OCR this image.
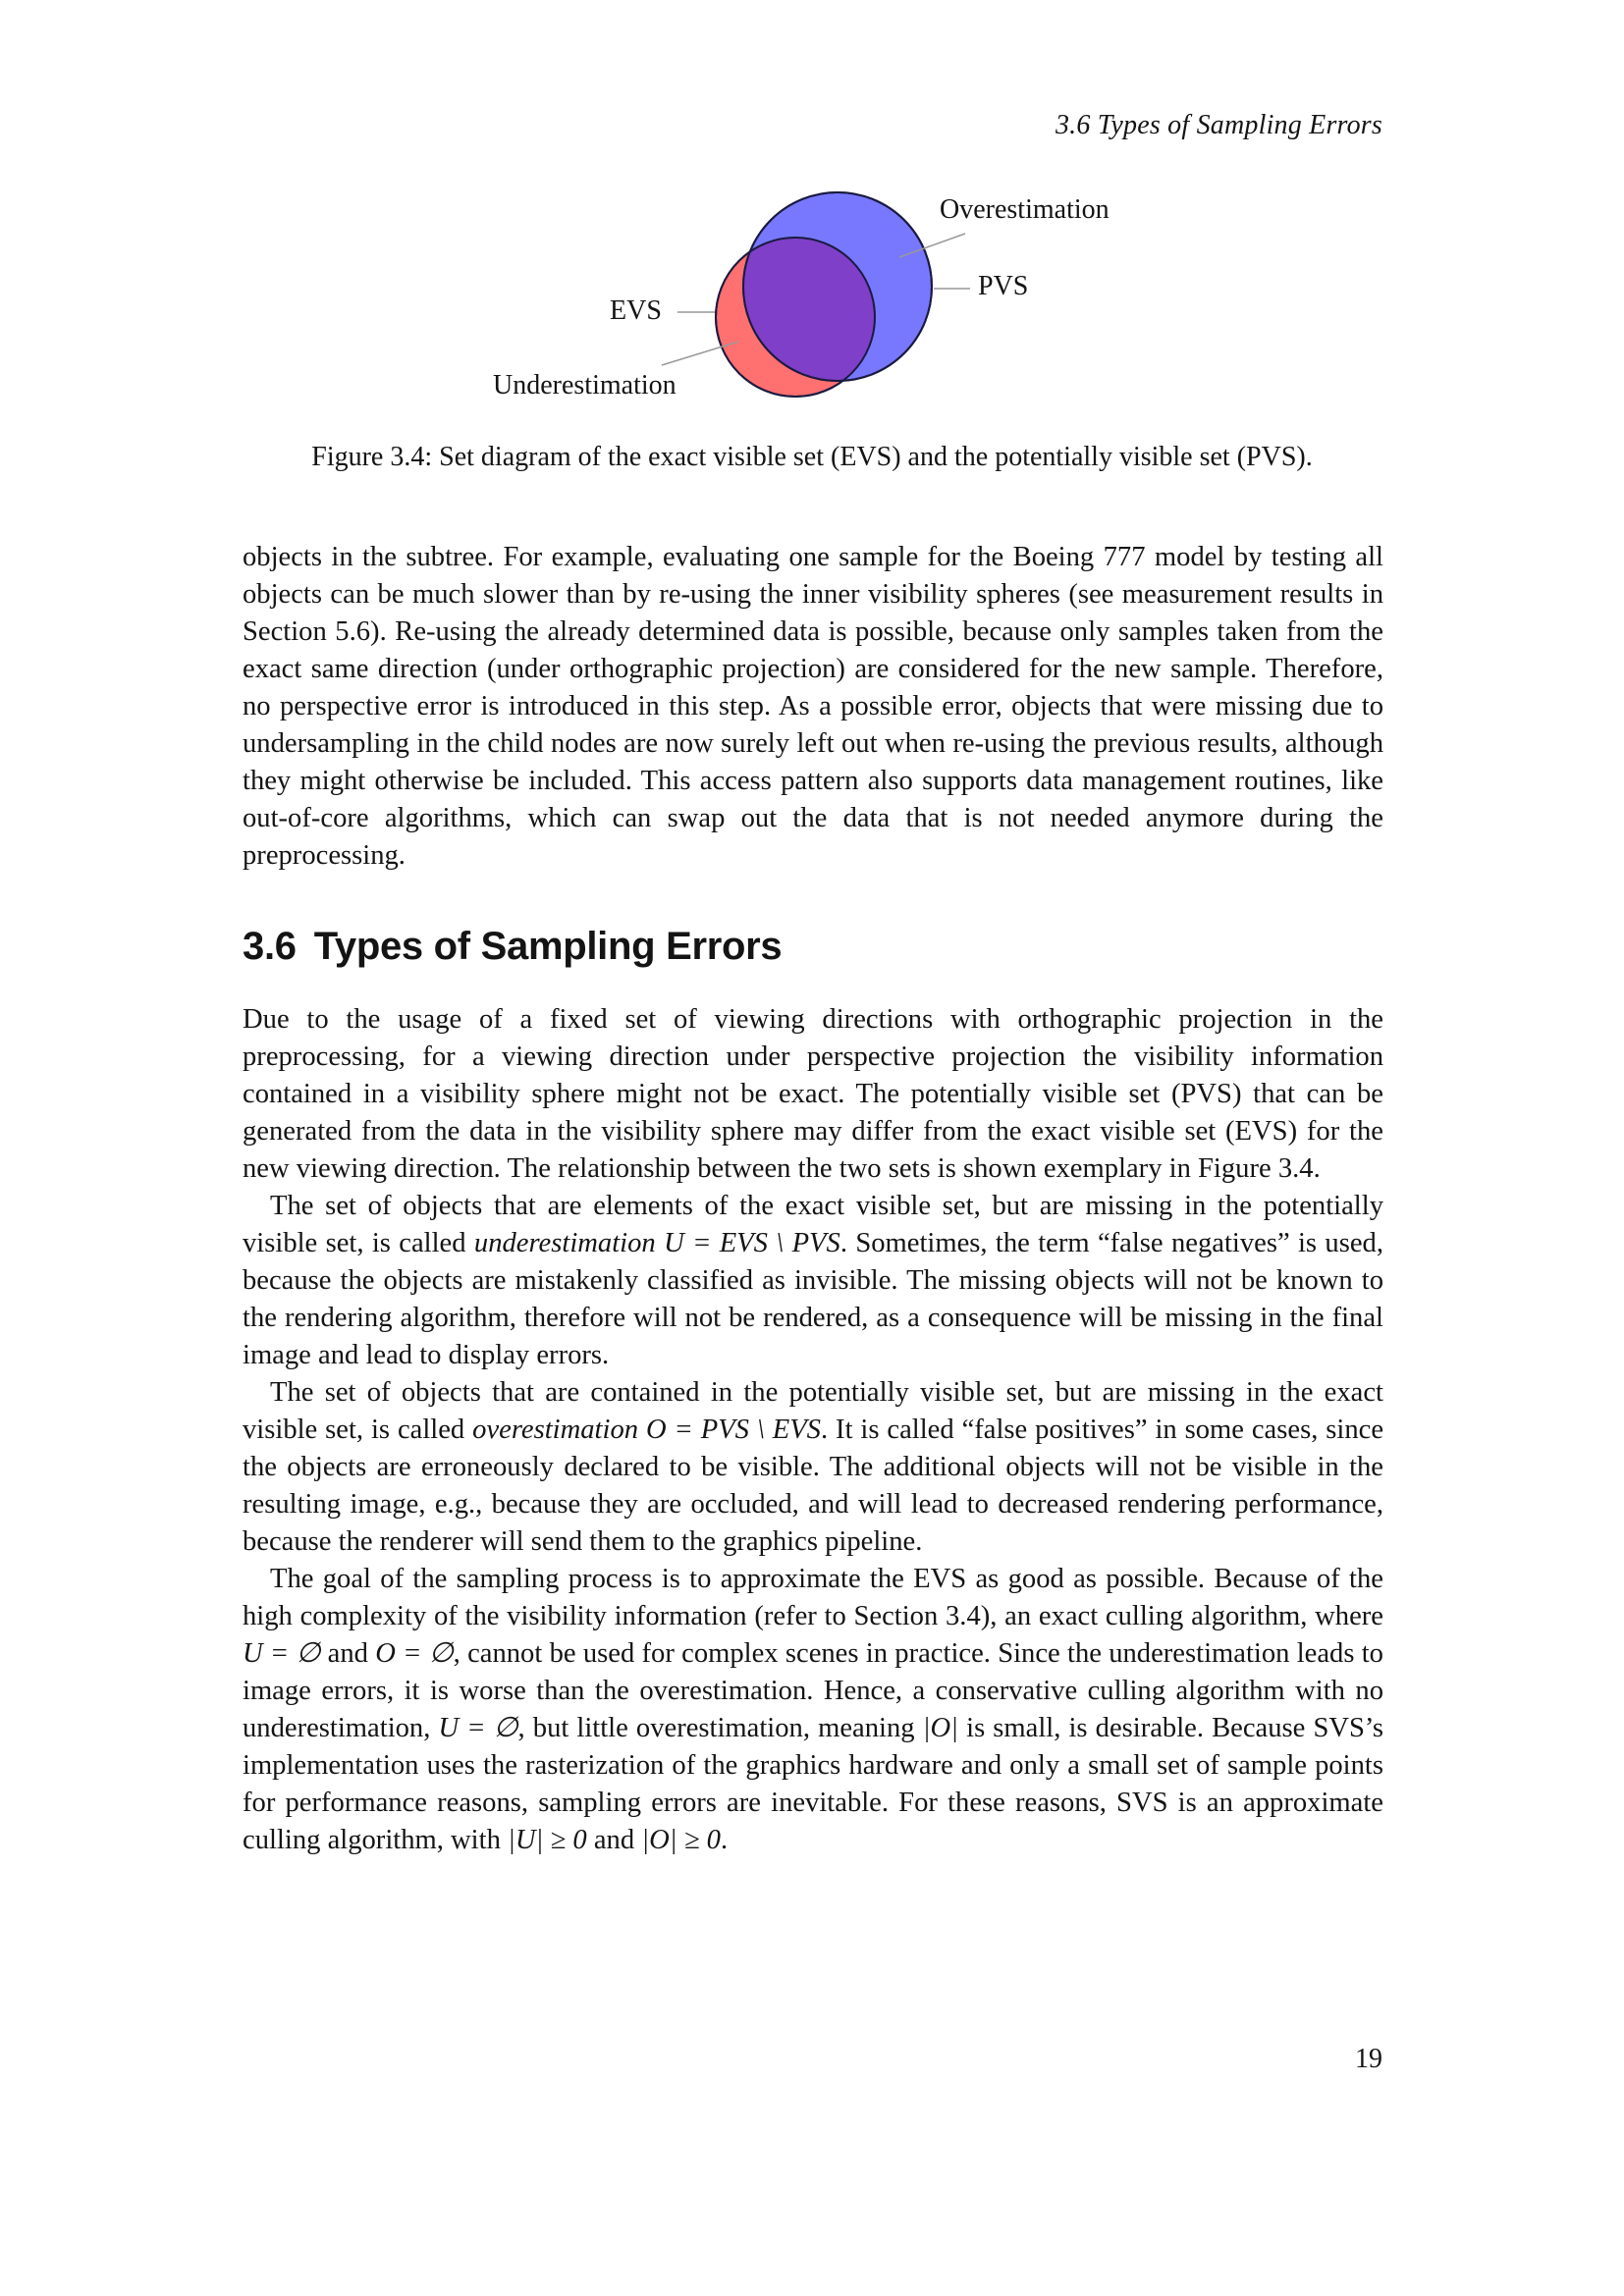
3.6 Types of Sampling Errors
Overestimation
PVS
EVS
Underestimation
Figure 3.4: Set diagram of the exact visible set (EVS) and the potentially visible set (PVS).

objects in the subtree. For example, evaluating one sample for the Boeing 777 model by testing all objects can be much slower than by re-using the inner visibility spheres (see measurement results in Section 5.6). Re-using the already determined data is possible, because only samples taken from the exact same direction (under orthographic projection) are considered for the new sample. Therefore, no perspective error is introduced in this step. As a possible error, objects that were missing due to undersampling in the child nodes are now surely left out when re-using the previous results, although they might otherwise be included. This access pattern also supports data management routines, like out-of-core algorithms, which can swap out the data that is not needed anymore during the preprocessing.

3.6 Types of Sampling Errors

Due to the usage of a fixed set of viewing directions with orthographic projection in the preprocessing, for a viewing direction under perspective projection the visibility information contained in a visibility sphere might not be exact. The potentially visible set (PVS) that can be generated from the data in the visibility sphere may differ from the exact visible set (EVS) for the new viewing direction. The relationship between the two sets is shown exemplary in Figure 3.4.

The set of objects that are elements of the exact visible set, but are missing in the potentially visible set, is called underestimation U = EVS \ PVS. Sometimes, the term “false negatives” is used, because the objects are mistakenly classified as invisible. The missing objects will not be known to the rendering algorithm, therefore will not be rendered, as a consequence will be missing in the final image and lead to display errors.

The set of objects that are contained in the potentially visible set, but are missing in the exact visible set, is called overestimation O = PVS \ EVS. It is called “false positives” in some cases, since the objects are erroneously declared to be visible. The additional objects will not be visible in the resulting image, e.g., because they are occluded, and will lead to decreased rendering performance, because the renderer will send them to the graphics pipeline.

The goal of the sampling process is to approximate the EVS as good as possible. Because of the high complexity of the visibility information (refer to Section 3.4), an exact culling algorithm, where U = ∅ and O = ∅, cannot be used for complex scenes in practice. Since the underestimation leads to image errors, it is worse than the overestimation. Hence, a conservative culling algorithm with no underestimation, U = ∅, but little overestimation, meaning |O| is small, is desirable. Because SVS’s implementation uses the rasterization of the graphics hardware and only a small set of sample points for performance reasons, sampling errors are inevitable. For these reasons, SVS is an approximate culling algorithm, with |U| ≥ 0 and |O| ≥ 0.

19
